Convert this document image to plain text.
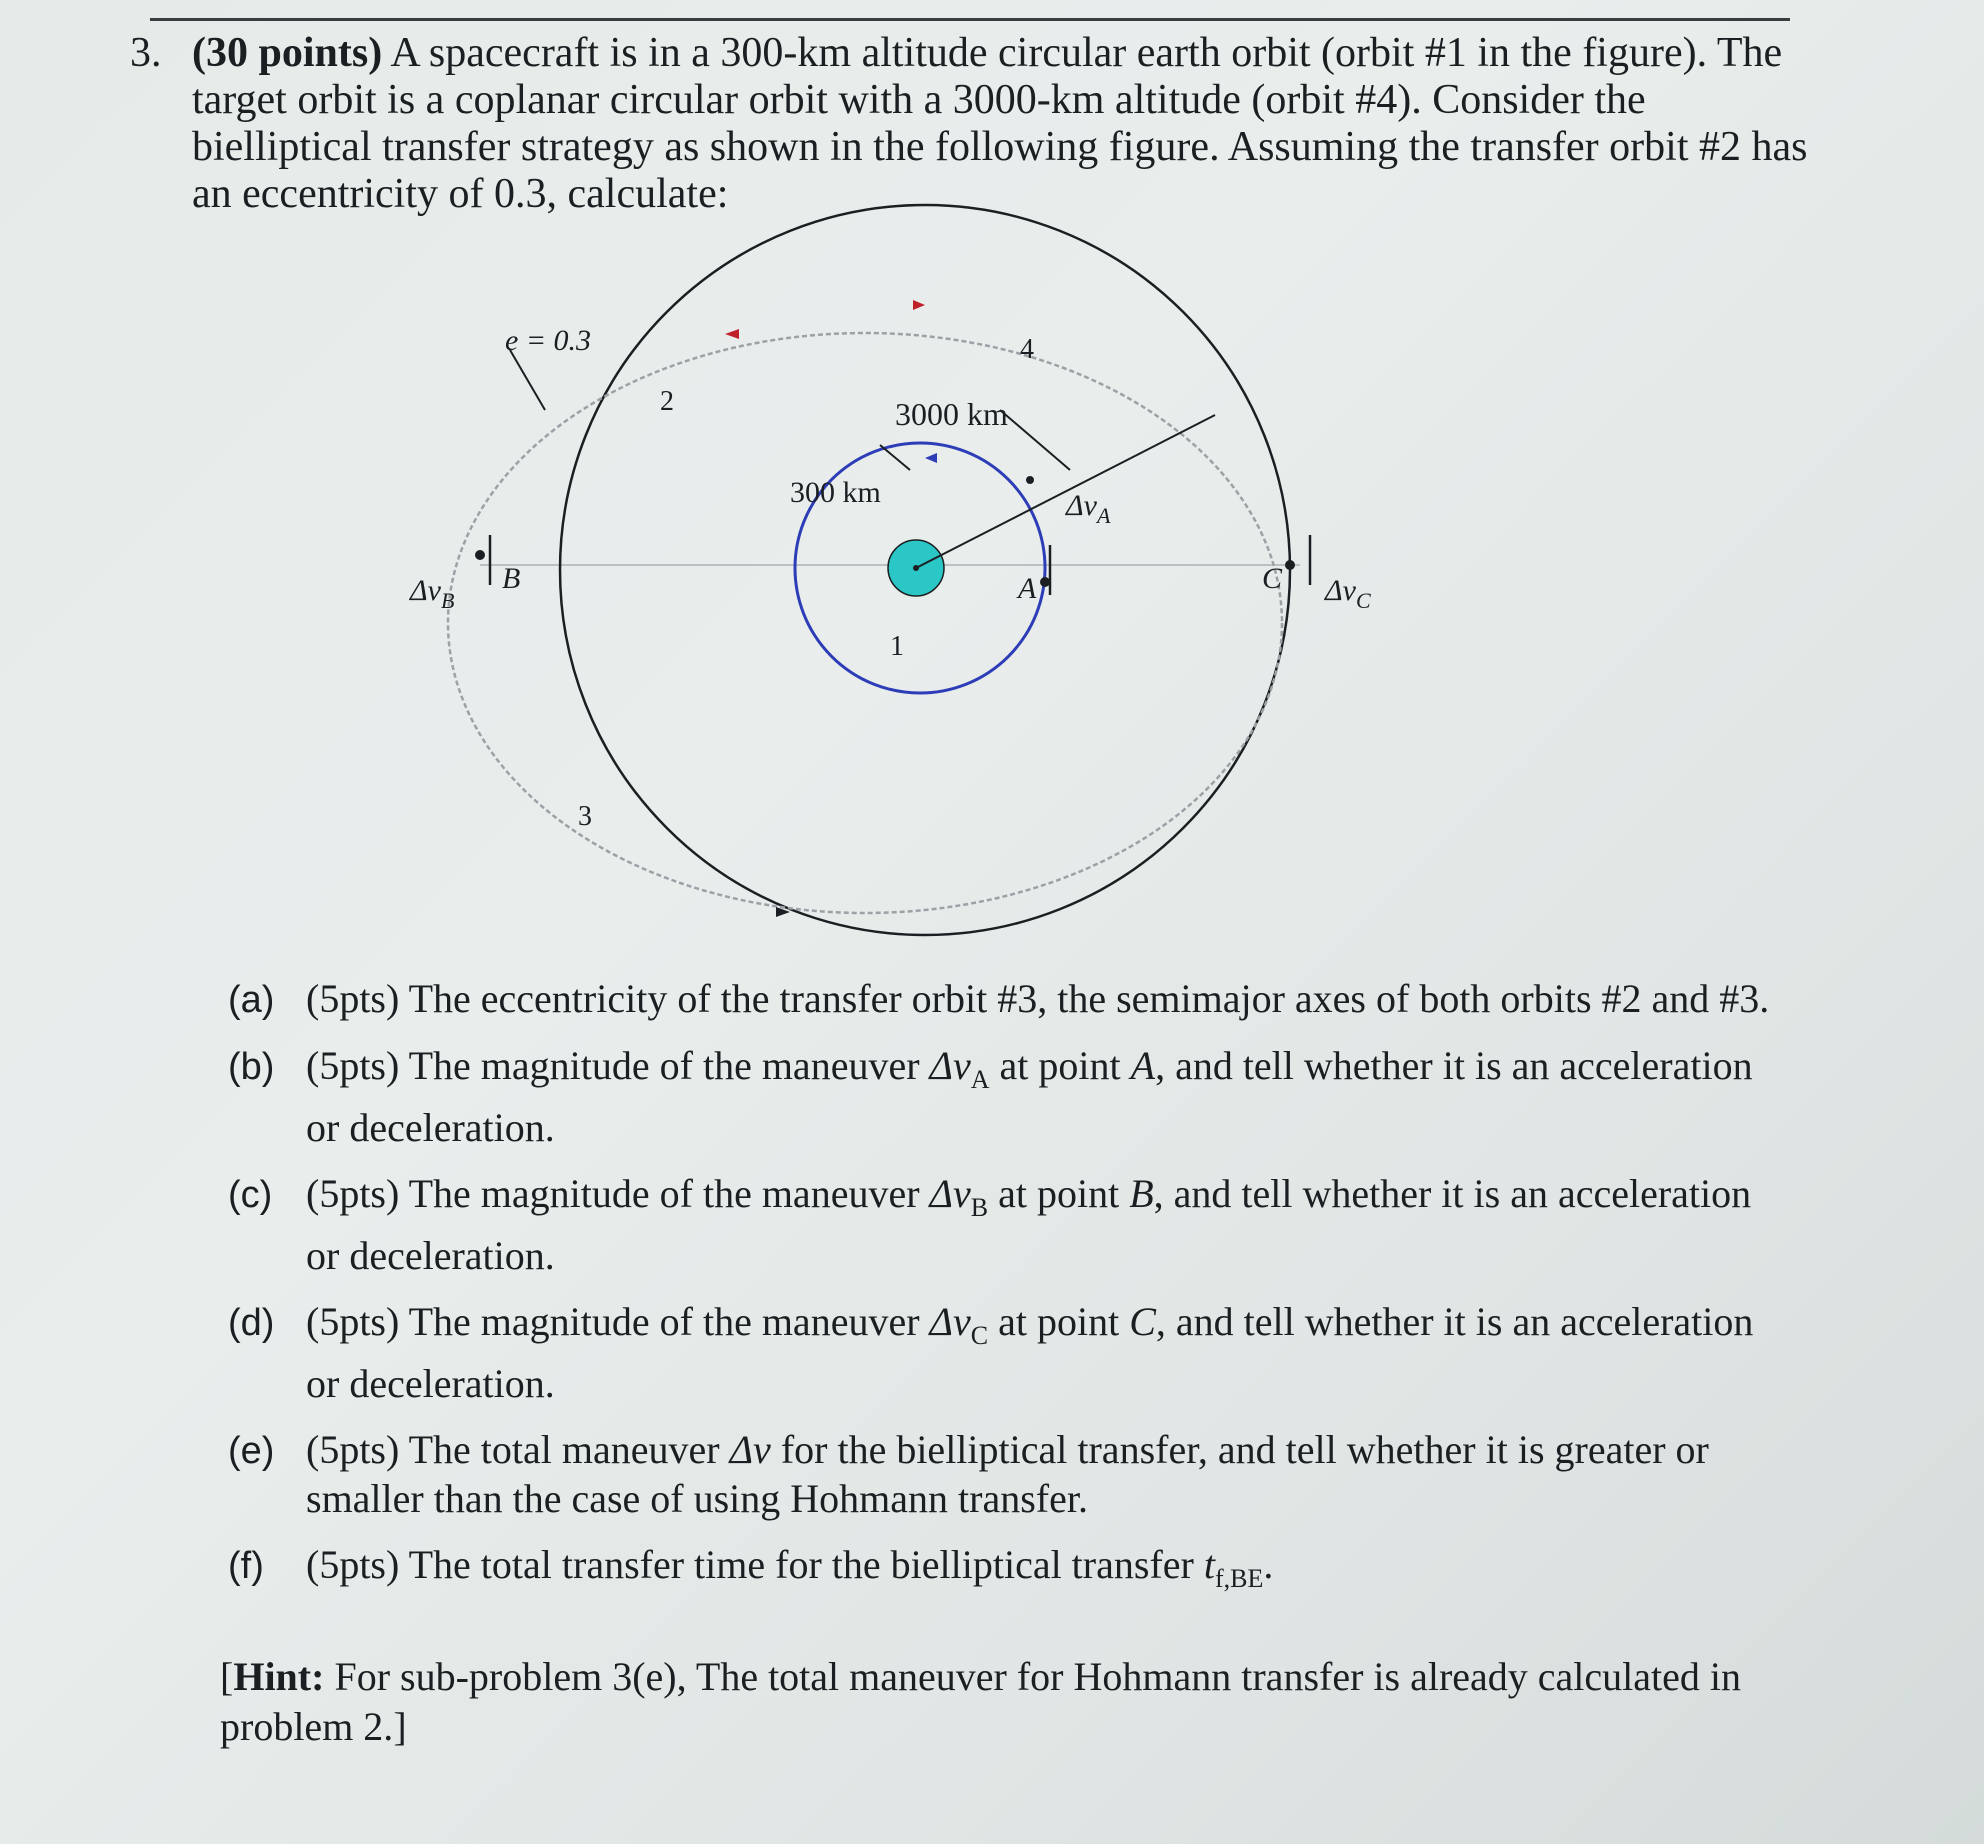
3. (30 points) A spacecraft is in a 300-km altitude circular earth orbit (orbit #1 in the figure). The target orbit is a coplanar circular orbit with a 3000-km altitude (orbit #4). Consider the bielliptical transfer strategy as shown in the following figure. Assuming the transfer orbit #2 has an eccentricity of 0.3, calculate:

e = 0.3
2
4
1
3
3000 km
300 km
A
B	C
$\Delta v_A$
$\Delta v_B$	$\Delta v_C$
(a) (5pts) The eccentricity of the transfer orbit #3, the semimajor axes of both orbits #2 and #3.
(b) (5pts) The magnitude of the maneuver $\Delta v_A$ at point A, and tell whether it is an acceleration or deceleration.
(c) (5pts) The magnitude of the maneuver $\Delta v_B$ at point B, and tell whether it is an acceleration or deceleration.
(d) (5pts) The magnitude of the maneuver $\Delta v_C$ at point C, and tell whether it is an acceleration or deceleration.
(e) (5pts) The total maneuver Δv for the bielliptical transfer, and tell whether it is greater or smaller than the case of using Hohmann transfer.
(f) (5pts) The total transfer time for the bielliptical transfer $t_{f,BE}$.

[Hint: For sub-problem 3(e), The total maneuver for Hohmann transfer is already calculated in problem 2.]
